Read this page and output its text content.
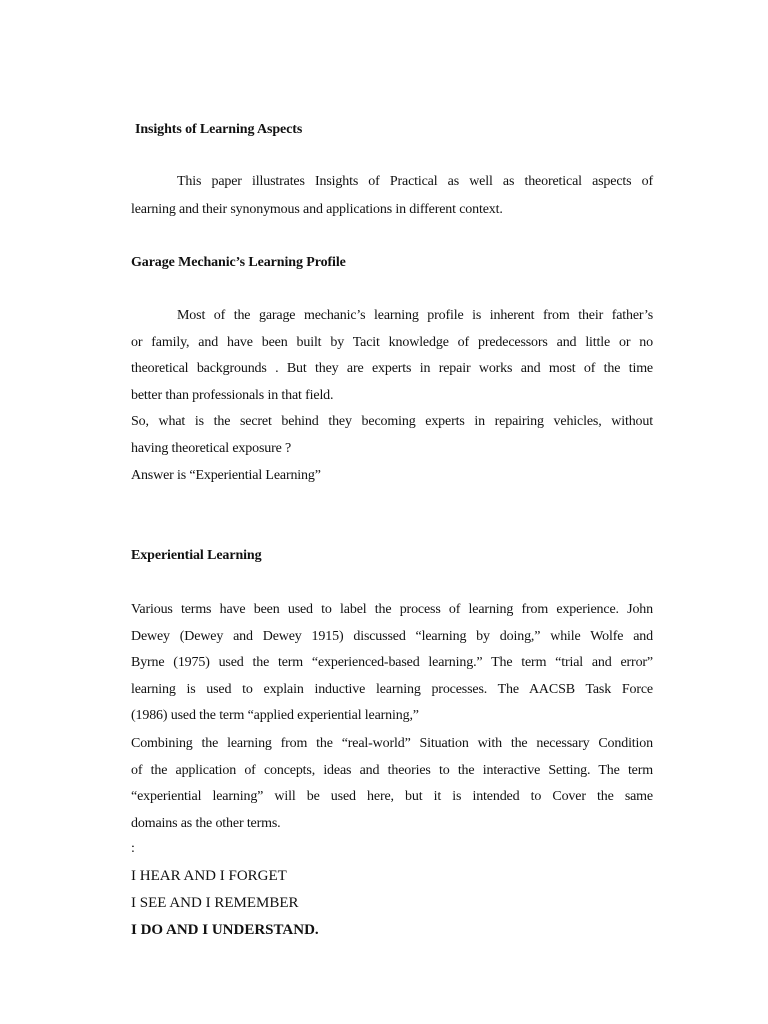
Insights of Learning Aspects
This paper illustrates Insights of Practical as well as theoretical aspects of
learning and their synonymous and applications in different context.
Garage Mechanic’s Learning Profile
Most of the garage mechanic’s learning profile is inherent from their father’s
or family, and have been built by Tacit knowledge of predecessors and little or no
theoretical backgrounds . But they are experts in repair works and most of the time
better than professionals in that field.
So, what is the secret behind they becoming experts in repairing vehicles, without
having theoretical exposure ?
Answer is “Experiential Learning”
Experiential Learning
Various terms have been used to label the process of learning from experience. John
Dewey (Dewey and Dewey 1915) discussed “learning by doing,” while Wolfe and
Byrne (1975) used the term “experienced-based learning.” The term “trial and error”
learning is used to explain inductive learning processes. The AACSB Task Force
(1986) used the term “applied experiential learning,”
Combining the learning from the “real-world” Situation with the necessary Condition
of the application of concepts, ideas and theories to the interactive Setting. The term
“experiential learning” will be used here, but it is intended to Cover the same
domains as the other terms.
:
I HEAR AND I FORGET
I SEE AND I REMEMBER
I DO AND I UNDERSTAND.
